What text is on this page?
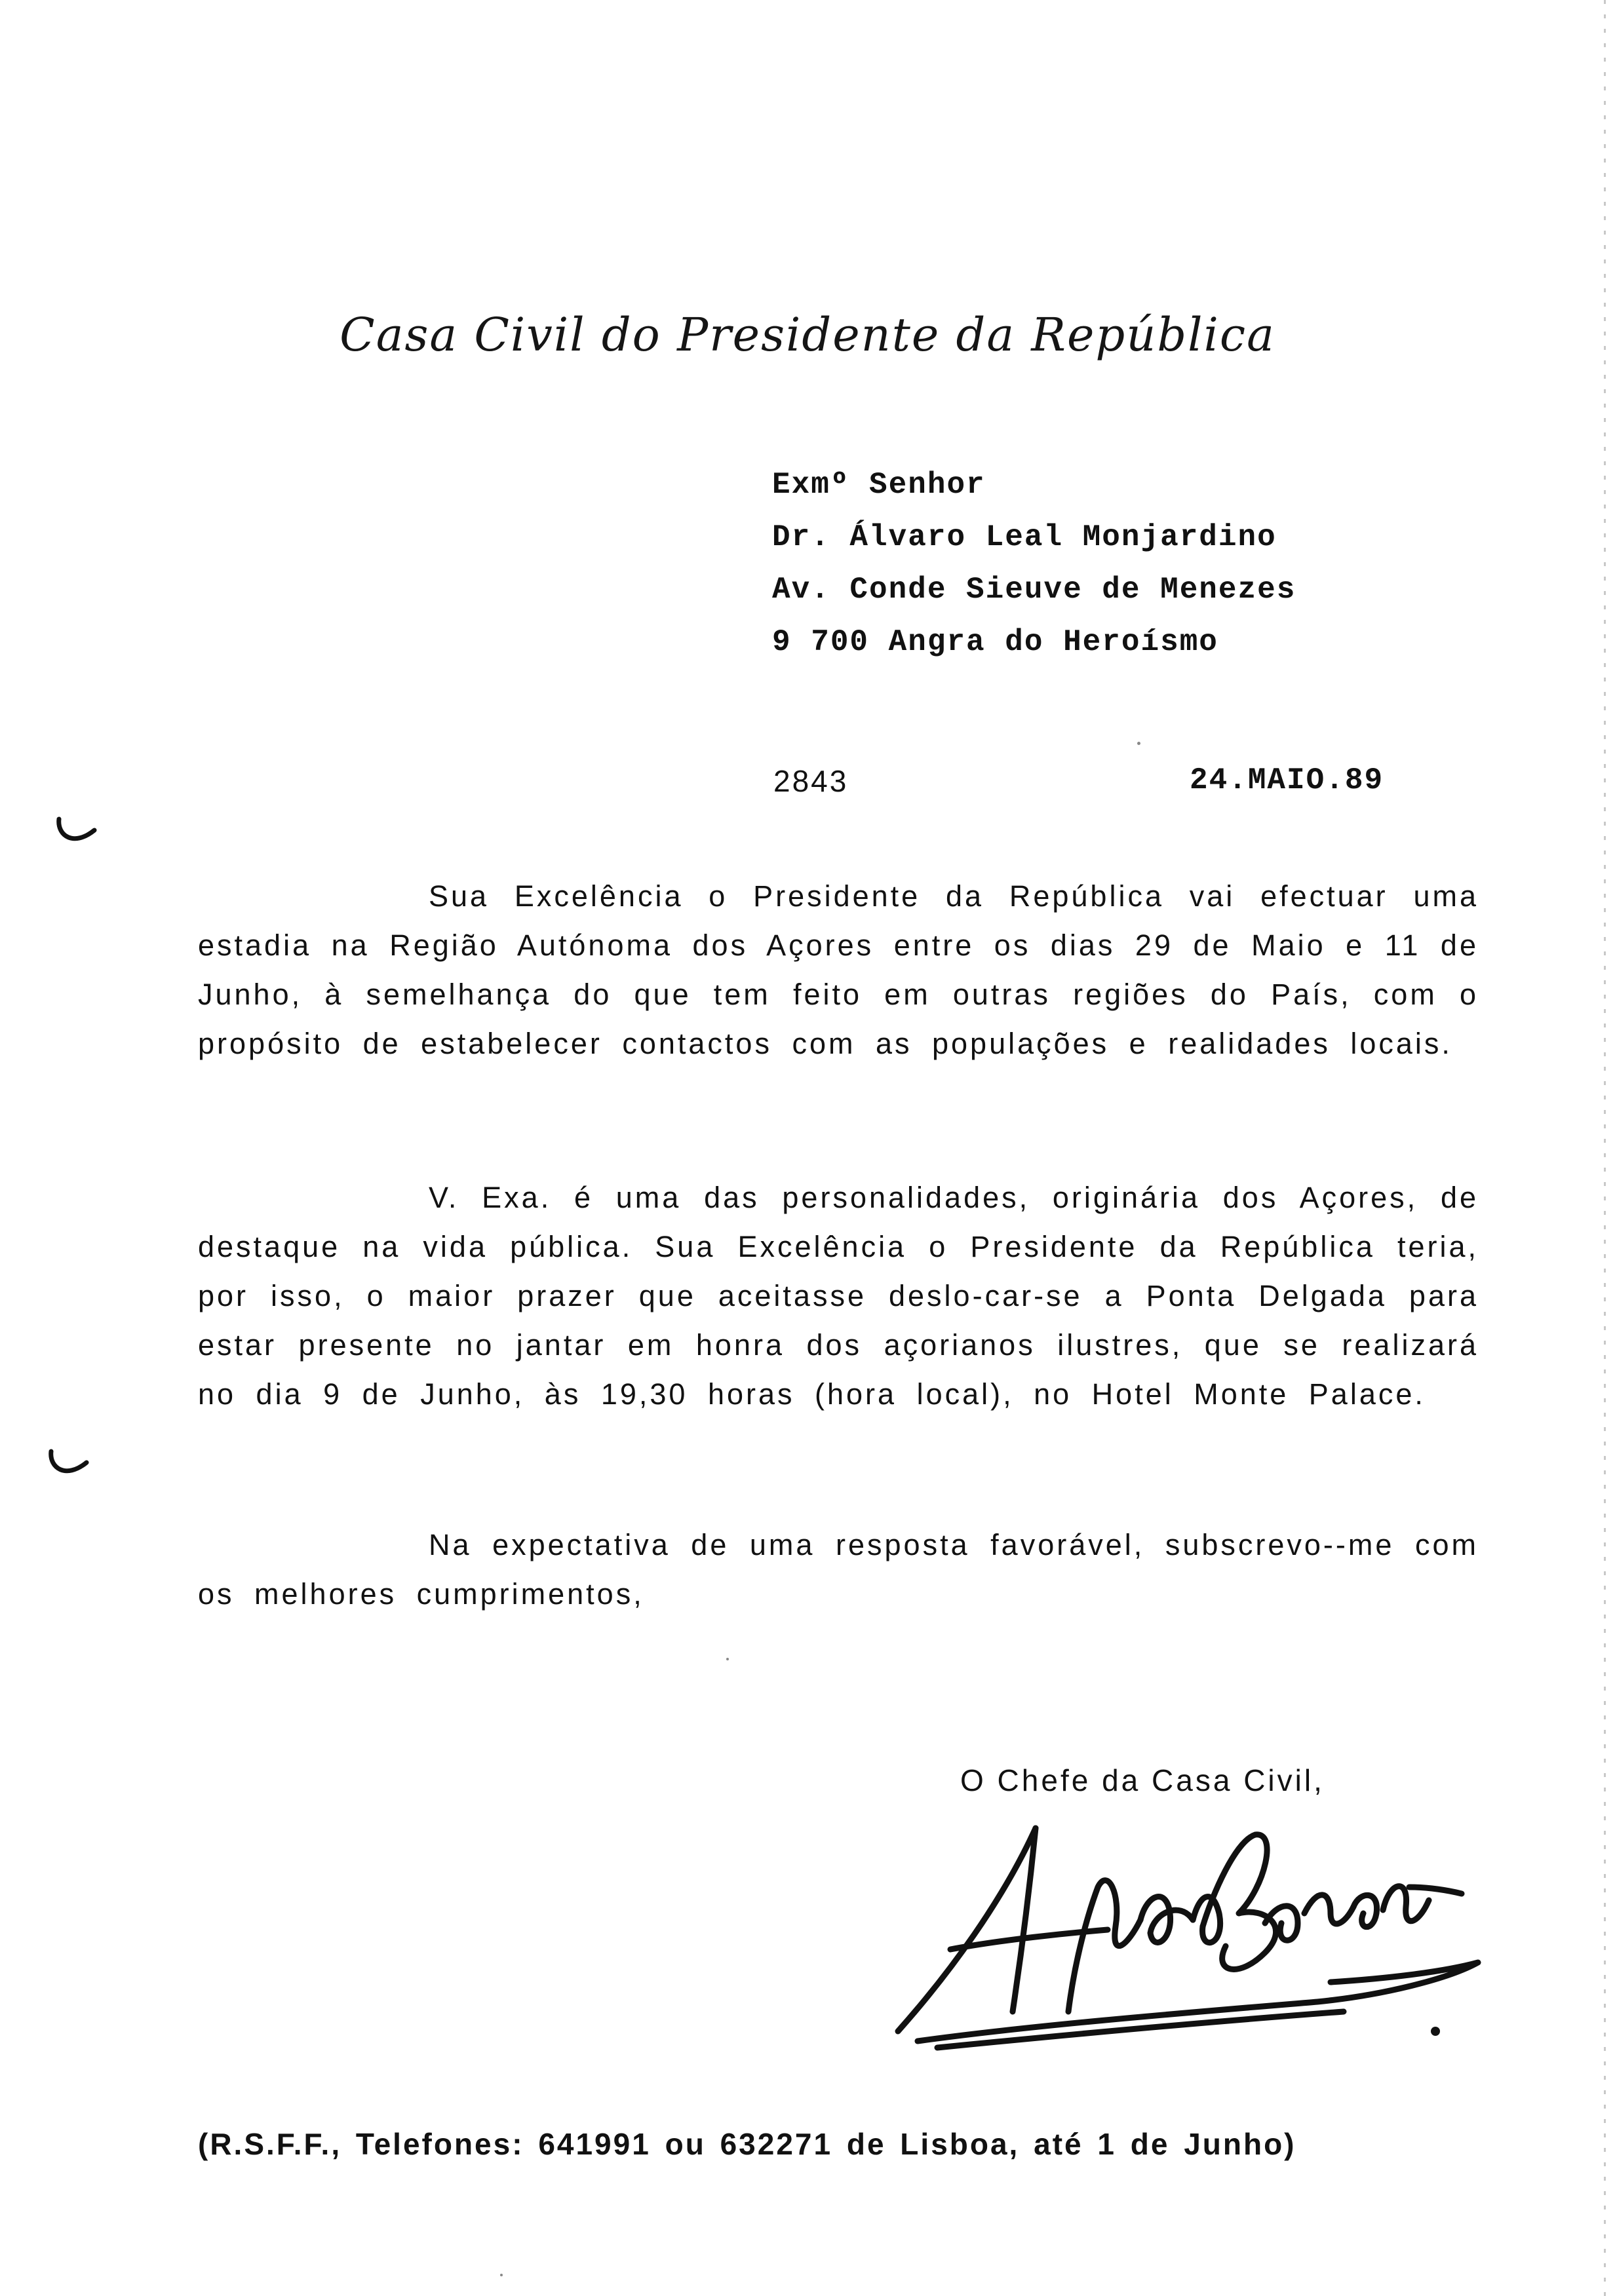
Casa Civil do Presidente da República
Exmº Senhor
Dr. Álvaro Leal Monjardino
Av. Conde Sieuve de Menezes
9 700 Angra do Heroísmo
2843	24.MAIO.89
Sua Excelência o Presidente da República vai efectuar uma estadia na Região Autónoma dos Açores entre os dias 29 de Maio e 11 de Junho, à semelhança do que tem feito em outras regiões do País, com o propósito de estabelecer contactos com as populações e realidades locais.
V. Exa. é uma das personalidades, originária dos Açores, de destaque na vida pública. Sua Excelência o Presidente da República teria, por isso, o maior prazer que aceitasse deslo-car-se a Ponta Delgada para estar presente no jantar em honra dos açorianos ilustres, que se realizará no dia 9 de Junho, às 19,30 horas (hora local), no Hotel Monte Palace.
Na expectativa de uma resposta favorável, subscrevo--me com os melhores cumprimentos,
O Chefe da Casa Civil,
(R.S.F.F., Telefones: 641991 ou 632271 de Lisboa, até 1 de Junho)
